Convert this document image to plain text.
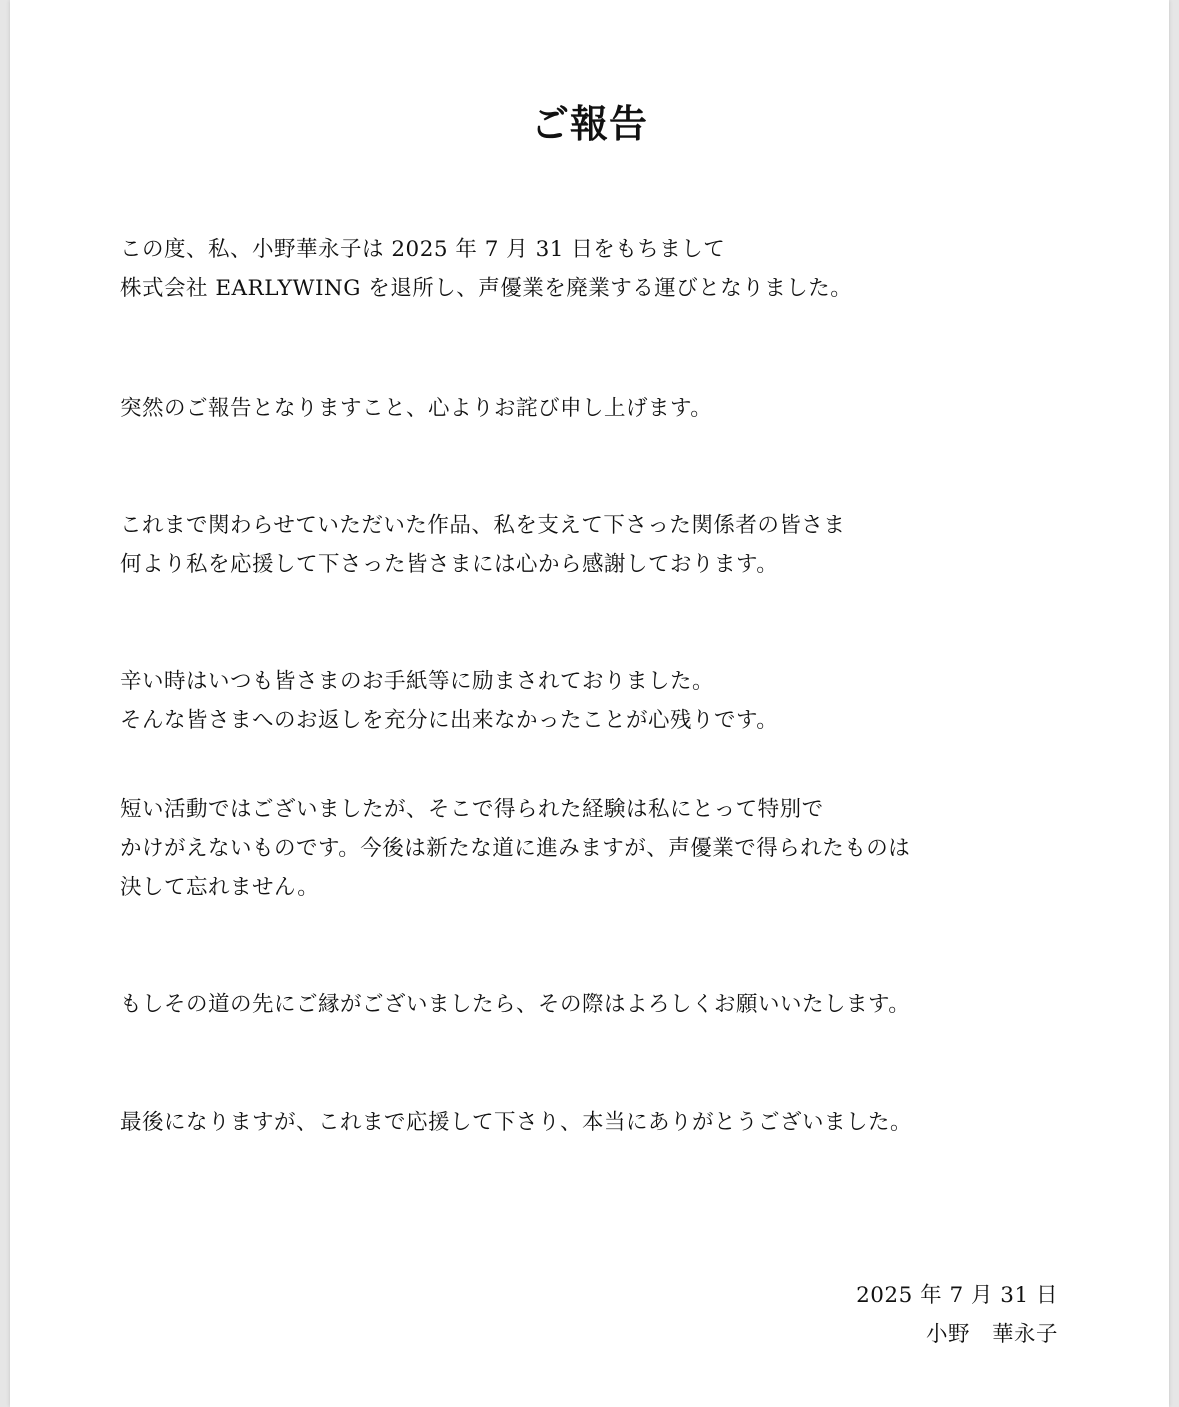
ご報告
この度、私、小野華永子は 2025 年 7 月 31 日をもちまして
株式会社 EARLYWING を退所し、声優業を廃業する運びとなりました。
突然のご報告となりますこと、心よりお詫び申し上げます。
これまで関わらせていただいた作品、私を支えて下さった関係者の皆さま
何より私を応援して下さった皆さまには心から感謝しております。
辛い時はいつも皆さまのお手紙等に励まされておりました。
そんな皆さまへのお返しを充分に出来なかったことが心残りです。
短い活動ではございましたが、そこで得られた経験は私にとって特別で
かけがえないものです。今後は新たな道に進みますが、声優業で得られたものは
決して忘れません。
もしその道の先にご縁がございましたら、その際はよろしくお願いいたします。
最後になりますが、これまで応援して下さり、本当にありがとうございました。
2025 年 7 月 31 日
小野　華永子
